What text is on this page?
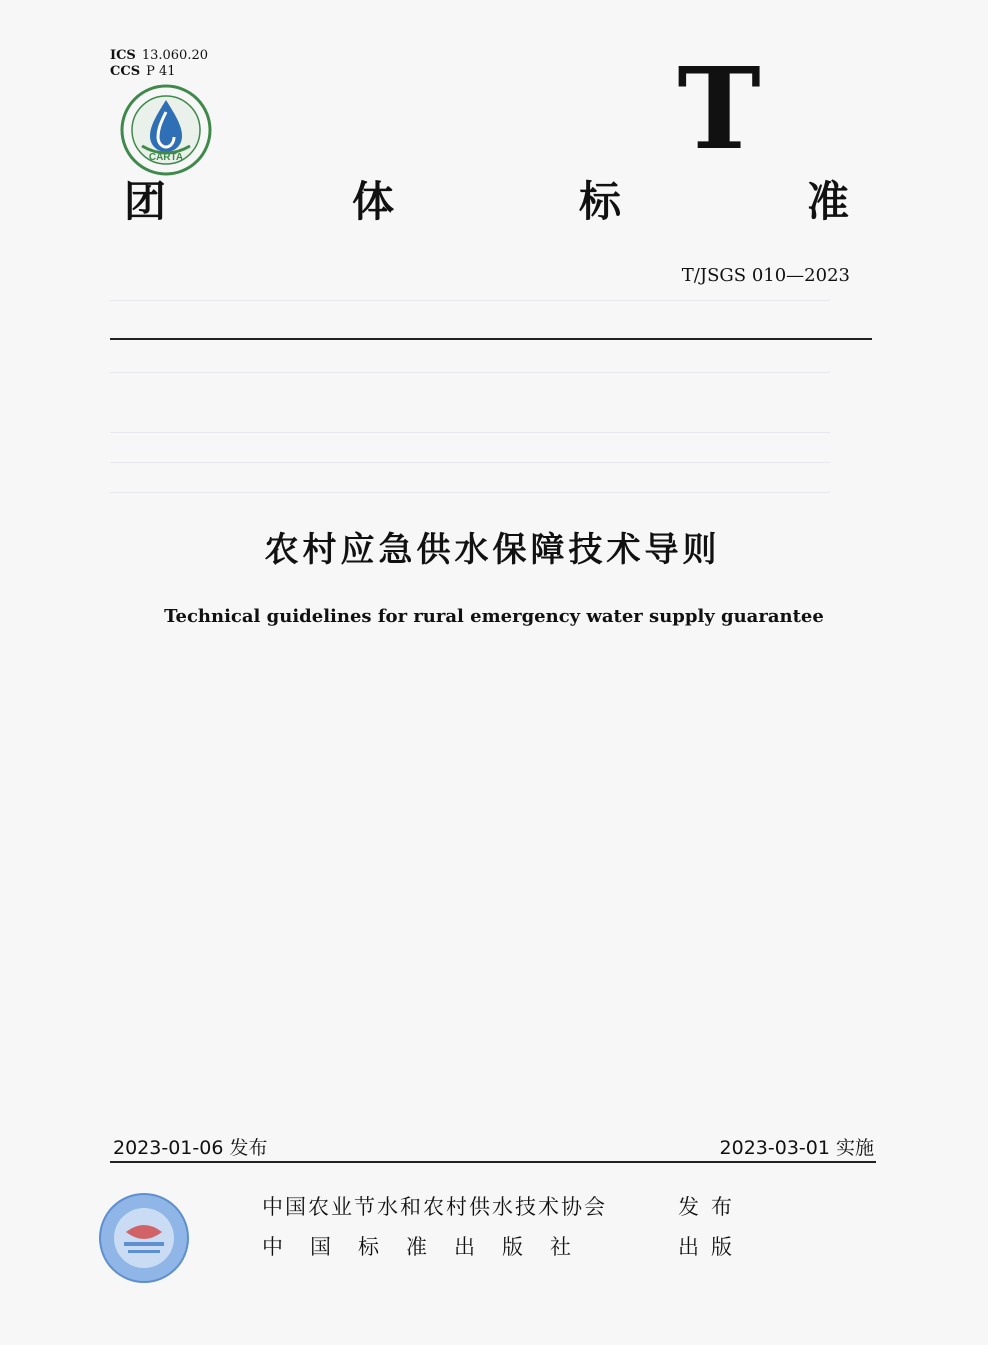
ICS 13.060.20
CCS P 41
CARTA	T
团	体	标	准
T/JSGS 010—2023
农村应急供水保障技术导则
Technical guidelines for rural emergency water supply guarantee
2023-01-06 发布	2023-03-01 实施
中国农业节水和农村供水技术协会	发布
中国标准出版社	出版
